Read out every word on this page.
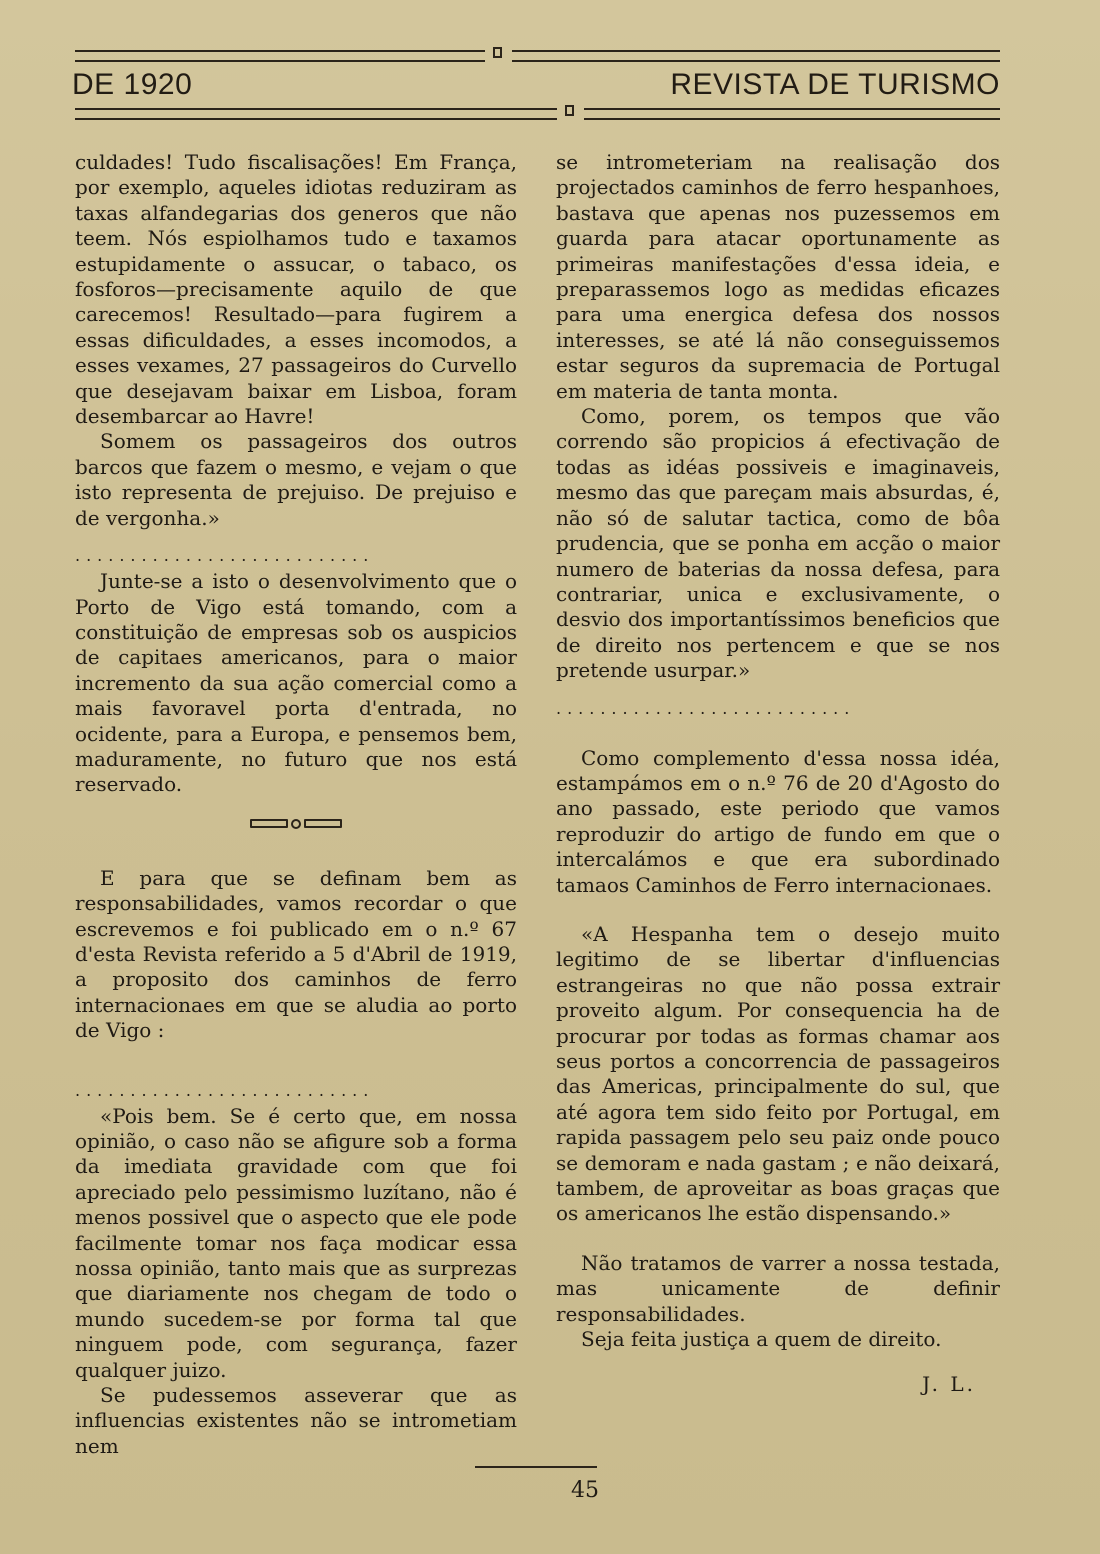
DE 1920	REVISTA DE TURISMO

culdades! Tudo fiscalisações! Em França, por exemplo, aqueles idiotas reduziram as taxas alfandegarias dos generos que não teem. Nós espiolhamos tudo e taxamos estupidamente o assucar, o tabaco, os fosforos—precisamente aquilo de que carecemos! Resultado—para fugirem a essas dificuldades, a esses incomodos, a esses vexames, 27 passageiros do Curvello que desejavam baixar em Lisboa, foram desembarcar ao Havre!

Somem os passageiros dos outros barcos que fazem o mesmo, e vejam o que isto representa de prejuiso. De prejuiso e de vergonha.»

...........................

Junte-se a isto o desenvolvimento que o Porto de Vigo está tomando, com a constituição de empresas sob os auspicios de capitaes americanos, para o maior incremento da sua ação comercial como a mais favoravel porta d'entrada, no ocidente, para a Europa, e pensemos bem, maduramente, no futuro que nos está reservado.

E para que se definam bem as responsabilidades, vamos recordar o que escrevemos e foi publicado em o n.º 67 d'esta Revista referido a 5 d'Abril de 1919, a proposito dos caminhos de ferro internacionaes em que se aludia ao porto de Vigo :

...........................

«Pois bem. Se é certo que, em nossa opinião, o caso não se afigure sob a forma da imediata gravidade com que foi apreciado pelo pessimismo luzítano, não é menos possivel que o aspecto que ele pode facilmente tomar nos faça modicar essa nossa opinião, tanto mais que as surprezas que diariamente nos chegam de todo o mundo sucedem-se por forma tal que ninguem pode, com segurança, fazer qualquer juizo.

Se pudessemos asseverar que as influencias existentes não se intrometiam nem

se intrometeriam na realisação dos projectados caminhos de ferro hespanhoes, bastava que apenas nos puzessemos em guarda para atacar oportunamente as primeiras manifestações d'essa ideia, e preparassemos logo as medidas eficazes para uma energica defesa dos nossos interesses, se até lá não conseguissemos estar seguros da supremacia de Portugal em materia de tanta monta.

Como, porem, os tempos que vão correndo são propicios á efectivação de todas as idéas possiveis e imaginaveis, mesmo das que pareçam mais absurdas, é, não só de salutar tactica, como de bôa prudencia, que se ponha em acção o maior numero de baterias da nossa defesa, para contrariar, unica e exclusivamente, o desvio dos importantíssimos beneficios que de direito nos pertencem e que se nos pretende usurpar.»

...........................

Como complemento d'essa nossa idéa, estampámos em o n.º 76 de 20 d'Agosto do ano passado, este periodo que vamos reproduzir do artigo de fundo em que o intercalámos e que era subordinado tamaos Caminhos de Ferro internacionaes.

«A Hespanha tem o desejo muito legitimo de se libertar d'influencias estrangeiras no que não possa extrair proveito algum. Por consequencia ha de procurar por todas as formas chamar aos seus portos a concorrencia de passageiros das Americas, principalmente do sul, que até agora tem sido feito por Portugal, em rapida passagem pelo seu paiz onde pouco se demoram e nada gastam ; e não deixará, tambem, de aproveitar as boas graças que os americanos lhe estão dispensando.»

Não tratamos de varrer a nossa testada, mas unicamente de definir responsabilidades.

Seja feita justiça a quem de direito.

J. L.
45
